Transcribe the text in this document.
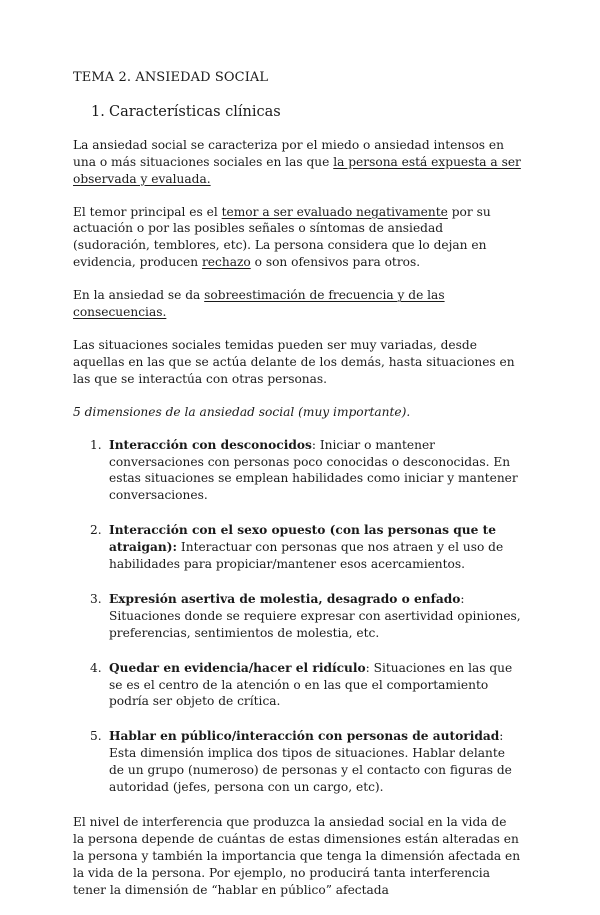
TEMA 2. ANSIEDAD SOCIAL
1. Características clínicas

La ansiedad social se caracteriza por el miedo o ansiedad intensos en una o más situaciones sociales en las que la persona está expuesta a ser observada y evaluada.

El temor principal es el temor a ser evaluado negativamente por su actuación o por las posibles señales o síntomas de ansiedad (sudoración, temblores, etc). La persona considera que lo dejan en evidencia, producen rechazo o son ofensivos para otros.

En la ansiedad se da sobreestimación de frecuencia y de las consecuencias.

Las situaciones sociales temidas pueden ser muy variadas, desde aquellas en las que se actúa delante de los demás, hasta situaciones en las que se interactúa con otras personas.

5 dimensiones de la ansiedad social (muy importante).

1. Interacción con desconocidos: Iniciar o mantener conversaciones con personas poco conocidas o desconocidas. En estas situaciones se emplean habilidades como iniciar y mantener conversaciones.
2. Interacción con el sexo opuesto (con las personas que te atraigan): Interactuar con personas que nos atraen y el uso de habilidades para propiciar/mantener esos acercamientos.
3. Expresión asertiva de molestia, desagrado o enfado: Situaciones donde se requiere expresar con asertividad opiniones, preferencias, sentimientos de molestia, etc.
4. Quedar en evidencia/hacer el ridículo: Situaciones en las que se es el centro de la atención o en las que el comportamiento podría ser objeto de crítica.
5. Hablar en público/interacción con personas de autoridad: Esta dimensión implica dos tipos de situaciones. Hablar delante de un grupo (numeroso) de personas y el contacto con figuras de autoridad (jefes, persona con un cargo, etc).

El nivel de interferencia que produzca la ansiedad social en la vida de la persona depende de cuántas de estas dimensiones están alteradas en la persona y también la importancia que tenga la dimensión afectada en la vida de la persona. Por ejemplo, no producirá tanta interferencia tener la dimensión de “hablar en público” afectada
